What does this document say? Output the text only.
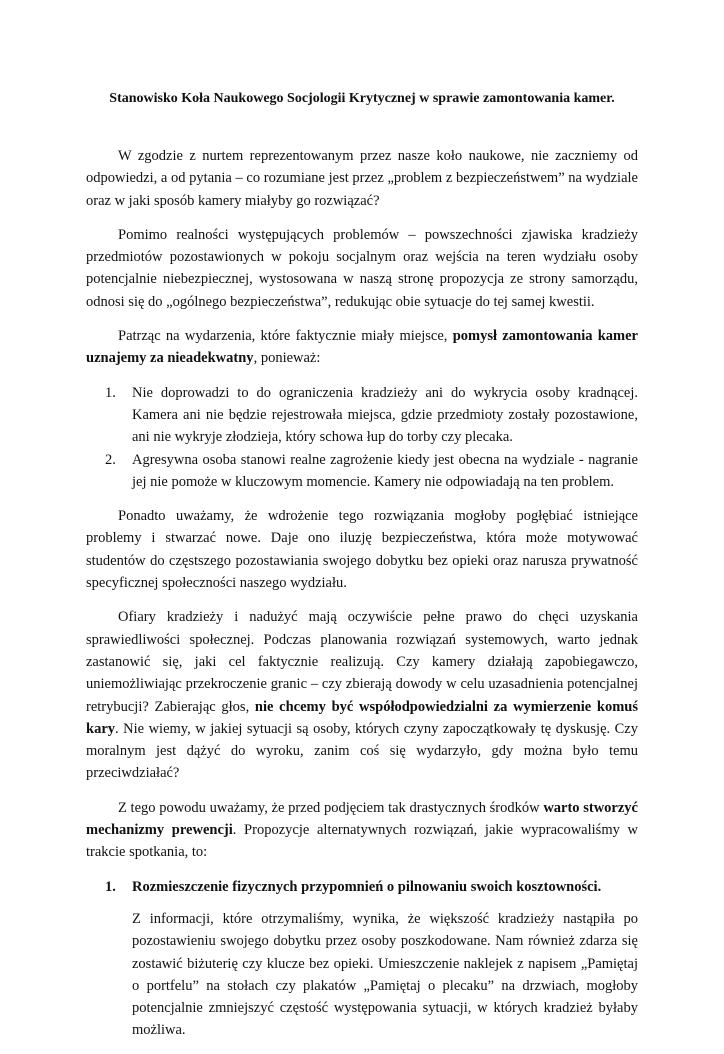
Stanowisko Koła Naukowego Socjologii Krytycznej w sprawie zamontowania kamer.

W zgodzie z nurtem reprezentowanym przez nasze koło naukowe, nie zaczniemy od odpowiedzi, a od pytania – co rozumiane jest przez „problem z bezpieczeństwem” na wydziale oraz w jaki sposób kamery miałyby go rozwiązać?

Pomimo realności występujących problemów – powszechności zjawiska kradzieży przedmiotów pozostawionych w pokoju socjalnym oraz wejścia na teren wydziału osoby potencjalnie niebezpiecznej, wystosowana w naszą stronę propozycja ze strony samorządu, odnosi się do „ogólnego bezpieczeństwa”, redukując obie sytuacje do tej samej kwestii.

Patrząc na wydarzenia, które faktycznie miały miejsce, pomysł zamontowania kamer uznajemy za nieadekwatny, ponieważ:

1. Nie doprowadzi to do ograniczenia kradzieży ani do wykrycia osoby kradnącej. Kamera ani nie będzie rejestrowała miejsca, gdzie przedmioty zostały pozostawione, ani nie wykryje złodzieja, który schowa łup do torby czy plecaka.
2. Agresywna osoba stanowi realne zagrożenie kiedy jest obecna na wydziale - nagranie jej nie pomoże w kluczowym momencie. Kamery nie odpowiadają na ten problem.

Ponadto uważamy, że wdrożenie tego rozwiązania mogłoby pogłębiać istniejące problemy i stwarzać nowe. Daje ono iluzję bezpieczeństwa, która może motywować studentów do częstszego pozostawiania swojego dobytku bez opieki oraz narusza prywatność specyficznej społeczności naszego wydziału.

Ofiary kradzieży i nadużyć mają oczywiście pełne prawo do chęci uzyskania sprawiedliwości społecznej. Podczas planowania rozwiązań systemowych, warto jednak zastanowić się, jaki cel faktycznie realizują. Czy kamery działają zapobiegawczo, uniemożliwiając przekroczenie granic – czy zbierają dowody w celu uzasadnienia potencjalnej retrybucji? Zabierając głos, nie chcemy być współodpowiedzialni za wymierzenie komuś kary. Nie wiemy, w jakiej sytuacji są osoby, których czyny zapoczątkowały tę dyskusję. Czy moralnym jest dążyć do wyroku, zanim coś się wydarzyło, gdy można było temu przeciwdziałać?

Z tego powodu uważamy, że przed podjęciem tak drastycznych środków warto stworzyć mechanizmy prewencji. Propozycje alternatywnych rozwiązań, jakie wypracowaliśmy w trakcie spotkania, to:

1. Rozmieszczenie fizycznych przypomnień o pilnowaniu swoich kosztowności.

Z informacji, które otrzymaliśmy, wynika, że większość kradzieży nastąpiła po pozostawieniu swojego dobytku przez osoby poszkodowane. Nam również zdarza się zostawić biżuterię czy klucze bez opieki. Umieszczenie naklejek z napisem „Pamiętaj o portfelu” na stołach czy plakatów „Pamiętaj o plecaku” na drzwiach, mogłoby potencjalnie zmniejszyć częstość występowania sytuacji, w których kradzież byłaby możliwa.
